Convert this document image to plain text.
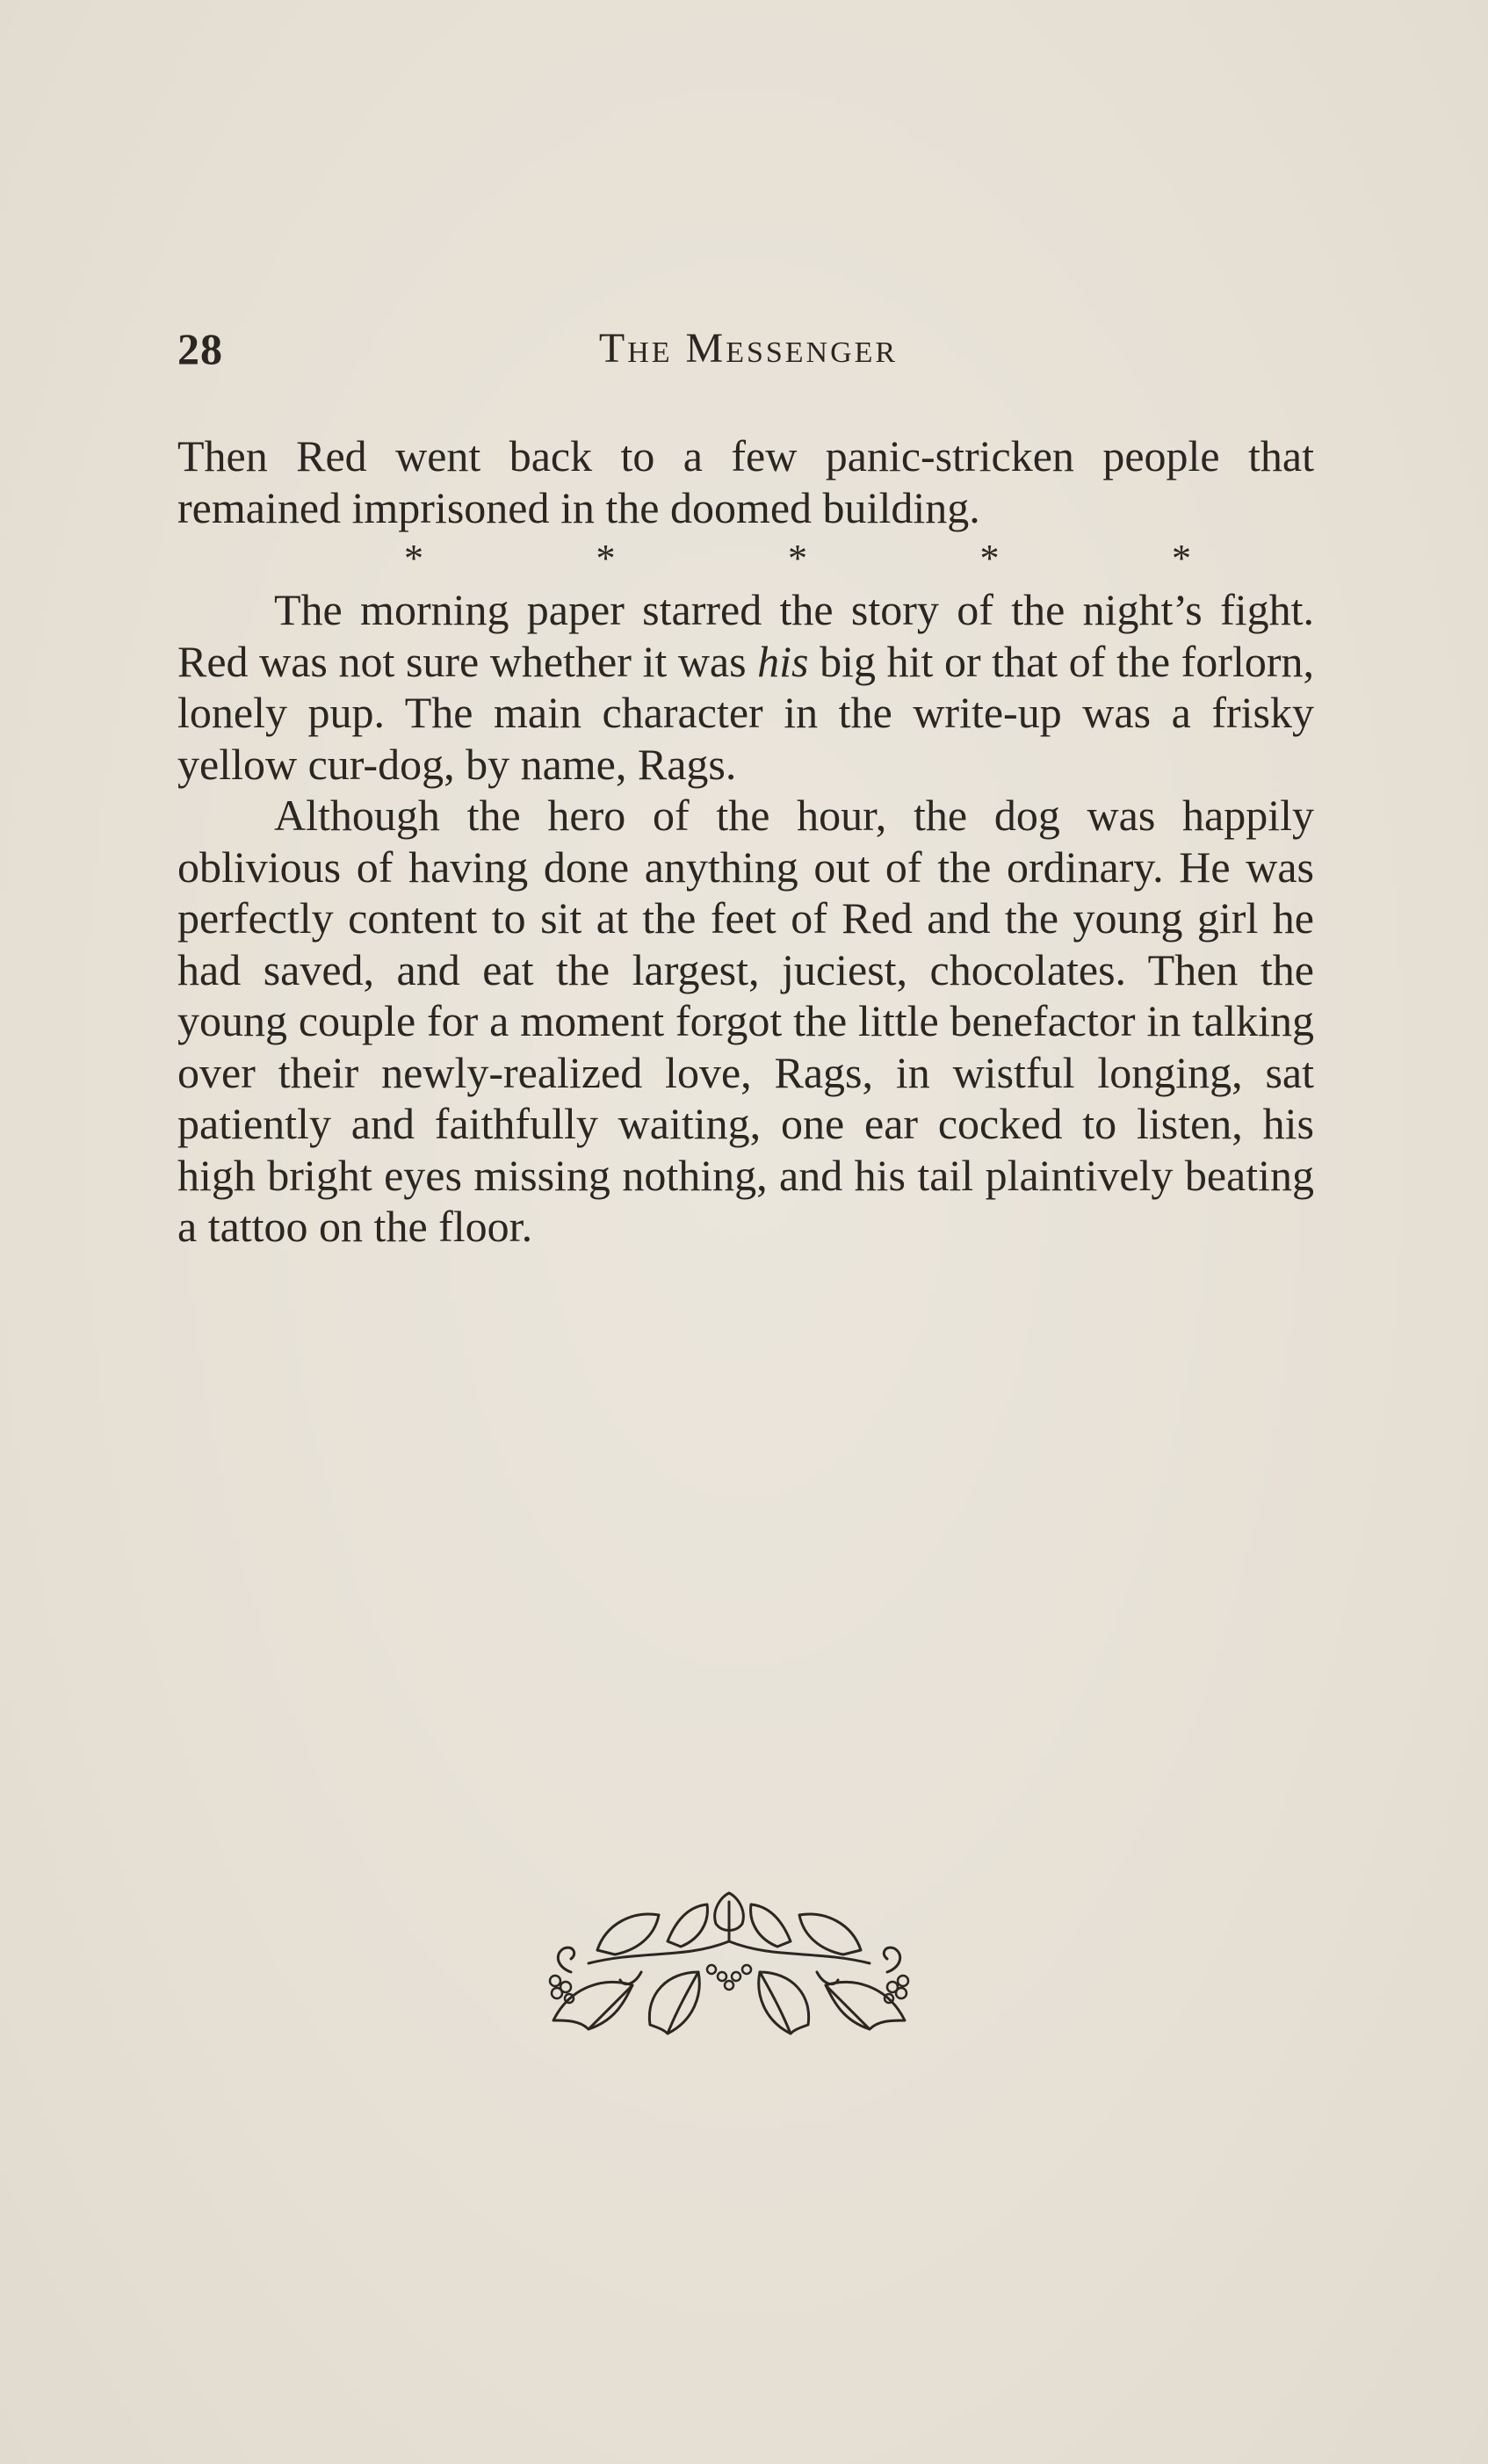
28	The Messenger

Then Red went back to a few panic-stricken people that remained imprisoned in the doomed building.

*	*	*	*	*

The morning paper starred the story of the night’s fight. Red was not sure whether it was his big hit or that of the forlorn, lonely pup. The main character in the write-up was a frisky yellow cur-dog, by name, Rags.

Although the hero of the hour, the dog was happily oblivious of having done anything out of the ordinary. He was perfectly content to sit at the feet of Red and the young girl he had saved, and eat the largest, juciest, chocolates. Then the young couple for a moment forgot the little benefactor in talking over their newly-realized love, Rags, in wistful longing, sat patiently and faithfully waiting, one ear cocked to listen, his high bright eyes missing nothing, and his tail plaintively beating a tattoo on the floor.
